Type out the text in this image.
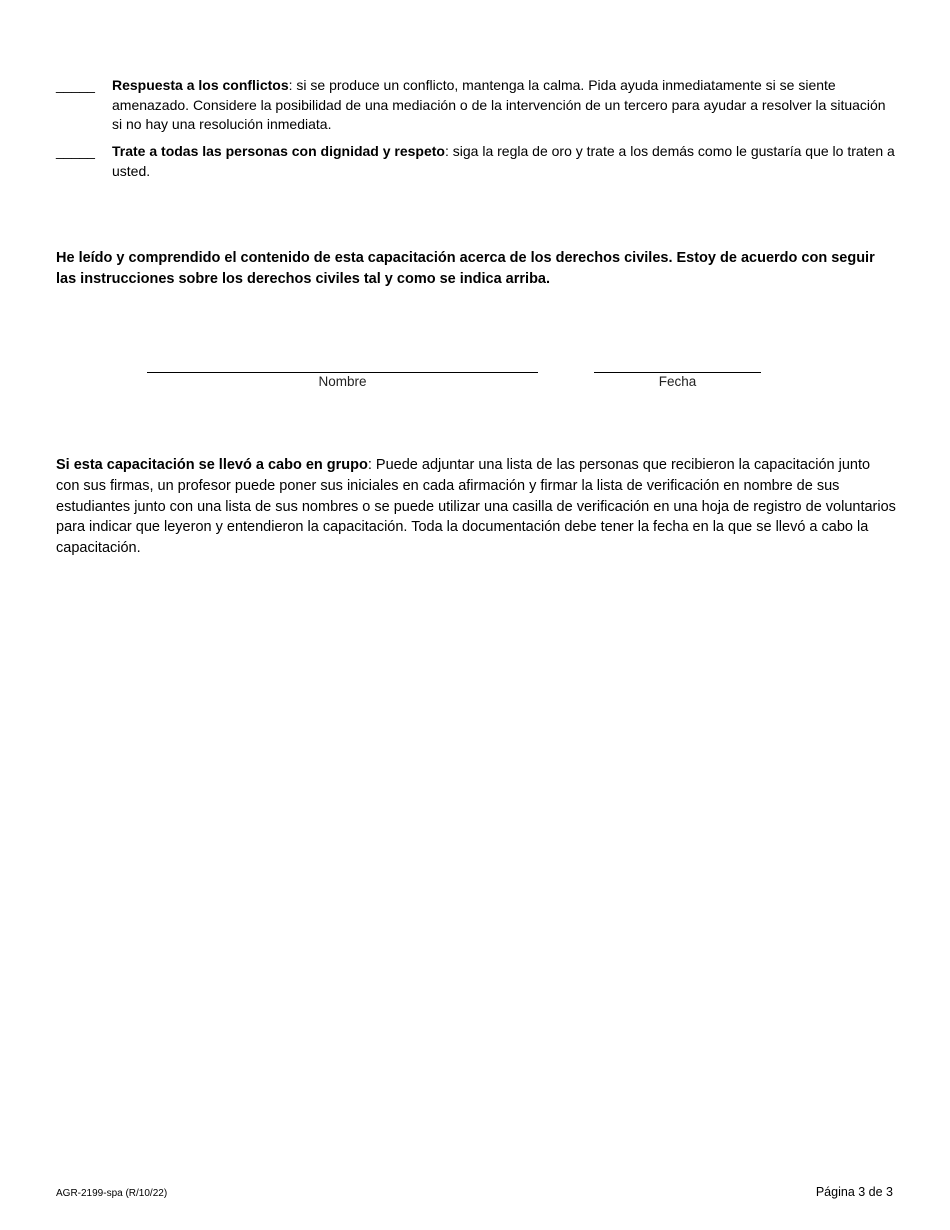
_____ Respuesta a los conflictos: si se produce un conflicto, mantenga la calma. Pida ayuda inmediatamente si se siente amenazado. Considere la posibilidad de una mediación o de la intervención de un tercero para ayudar a resolver la situación si no hay una resolución inmediata.
_____ Trate a todas las personas con dignidad y respeto: siga la regla de oro y trate a los demás como le gustaría que lo traten a usted.
He leído y comprendido el contenido de esta capacitación acerca de los derechos civiles. Estoy de acuerdo con seguir las instrucciones sobre los derechos civiles tal y como se indica arriba.
Nombre	Fecha
Si esta capacitación se llevó a cabo en grupo: Puede adjuntar una lista de las personas que recibieron la capacitación junto con sus firmas, un profesor puede poner sus iniciales en cada afirmación y firmar la lista de verificación en nombre de sus estudiantes junto con una lista de sus nombres o se puede utilizar una casilla de verificación en una hoja de registro de voluntarios para indicar que leyeron y entendieron la capacitación. Toda la documentación debe tener la fecha en la que se llevó a cabo la capacitación.
AGR-2199-spa (R/10/22)	Página 3 de 3
